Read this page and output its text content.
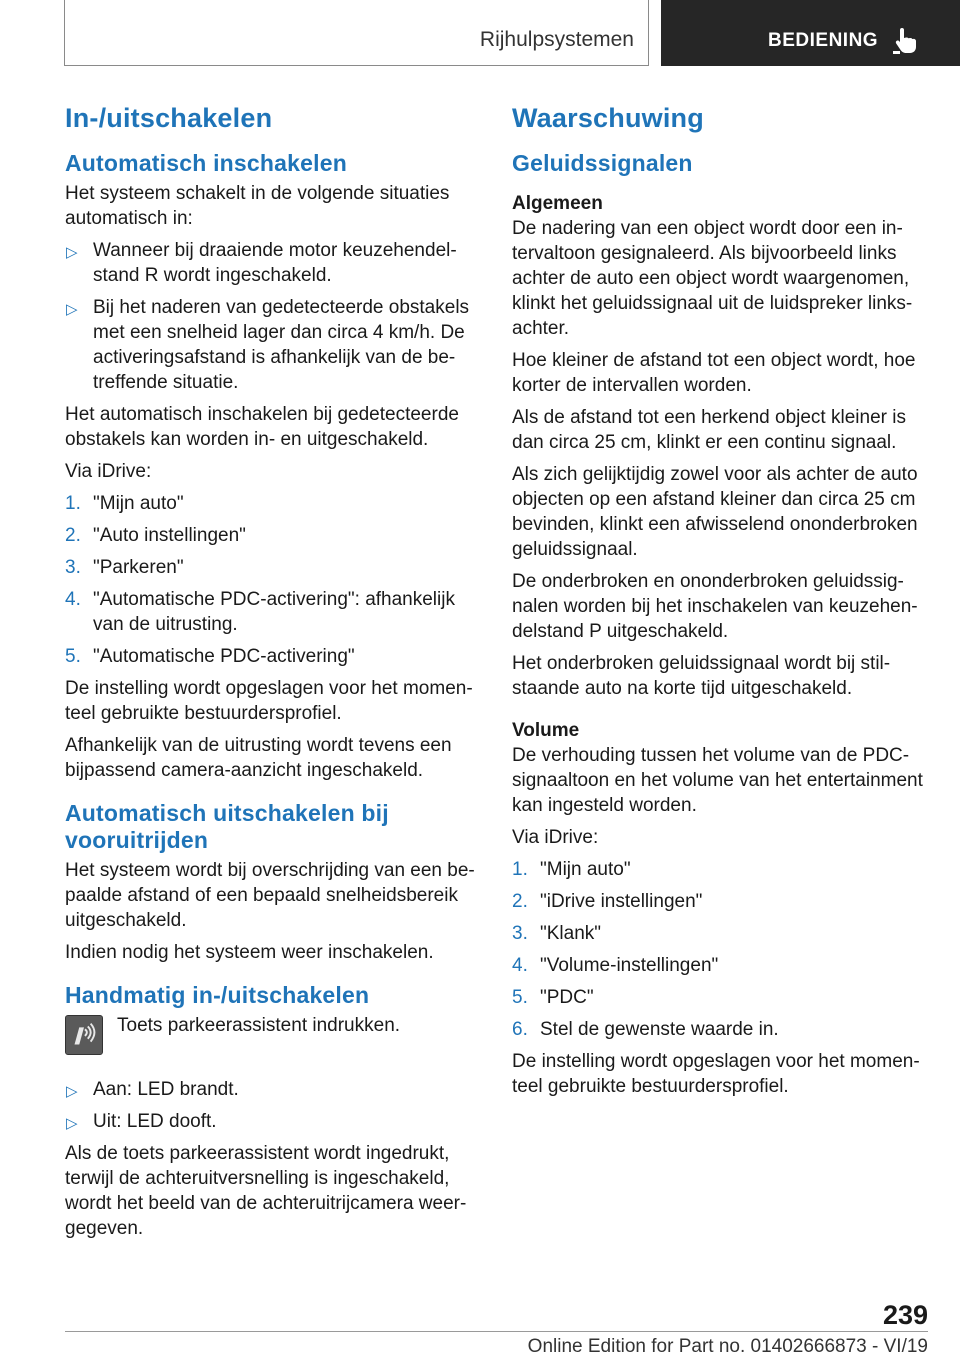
Rijhulpsystemen	BEDIENING
In-/uitschakelen
Automatisch inschakelen

Het systeem schakelt in de volgende situaties automatisch in:

▷ Wanneer bij draaiende motor keuzehendel-stand R wordt ingeschakeld.
▷ Bij het naderen van gedetecteerde obstakels met een snelheid lager dan circa 4 km/h. De activeringsafstand is afhankelijk van de be-treffende situatie.

Het automatisch inschakelen bij gedetecteerde obstakels kan worden in- en uitgeschakeld.

Via iDrive:

1. "Mijn auto"
2. "Auto instellingen"
3. "Parkeren"
4. "Automatische PDC-activering": afhankelijk van de uitrusting.
5. "Automatische PDC-activering"

De instelling wordt opgeslagen voor het momen-teel gebruikte bestuurdersprofiel.

Afhankelijk van de uitrusting wordt tevens een bijpassend camera-aanzicht ingeschakeld.

Automatisch uitschakelen bij vooruitrijden

Het systeem wordt bij overschrijding van een be-paalde afstand of een bepaald snelheidsbereik uitgeschakeld.

Indien nodig het systeem weer inschakelen.

Handmatig in-/uitschakelen

Toets parkeerassistent indrukken.

▷ Aan: LED brandt.
▷ Uit: LED dooft.

Als de toets parkeerassistent wordt ingedrukt, terwijl de achteruitversnelling is ingeschakeld, wordt het beeld van de achteruitrijcamera weer-gegeven.

Waarschuwing
Geluidssignalen
Algemeen

De nadering van een object wordt door een in-tervaltoon gesignaleerd. Als bijvoorbeeld links achter de auto een object wordt waargenomen, klinkt het geluidssignaal uit de luidspreker links-achter.

Hoe kleiner de afstand tot een object wordt, hoe korter de intervallen worden.

Als de afstand tot een herkend object kleiner is dan circa 25 cm, klinkt er een continu signaal.

Als zich gelijktijdig zowel voor als achter de auto objecten op een afstand kleiner dan circa 25 cm bevinden, klinkt een afwisselend ononderbroken geluidssignaal.

De onderbroken en ononderbroken geluidssig-nalen worden bij het inschakelen van keuzehen-delstand P uitgeschakeld.

Het onderbroken geluidssignaal wordt bij stil-staande auto na korte tijd uitgeschakeld.

Volume

De verhouding tussen het volume van de PDC-signaaltoon en het volume van het entertainment kan ingesteld worden.

Via iDrive:

1. "Mijn auto"
2. "iDrive instellingen"
3. "Klank"
4. "Volume-instellingen"
5. "PDC"
6. Stel de gewenste waarde in.

De instelling wordt opgeslagen voor het momen-teel gebruikte bestuurdersprofiel.

239
Online Edition for Part no. 01402666873 - VI/19
